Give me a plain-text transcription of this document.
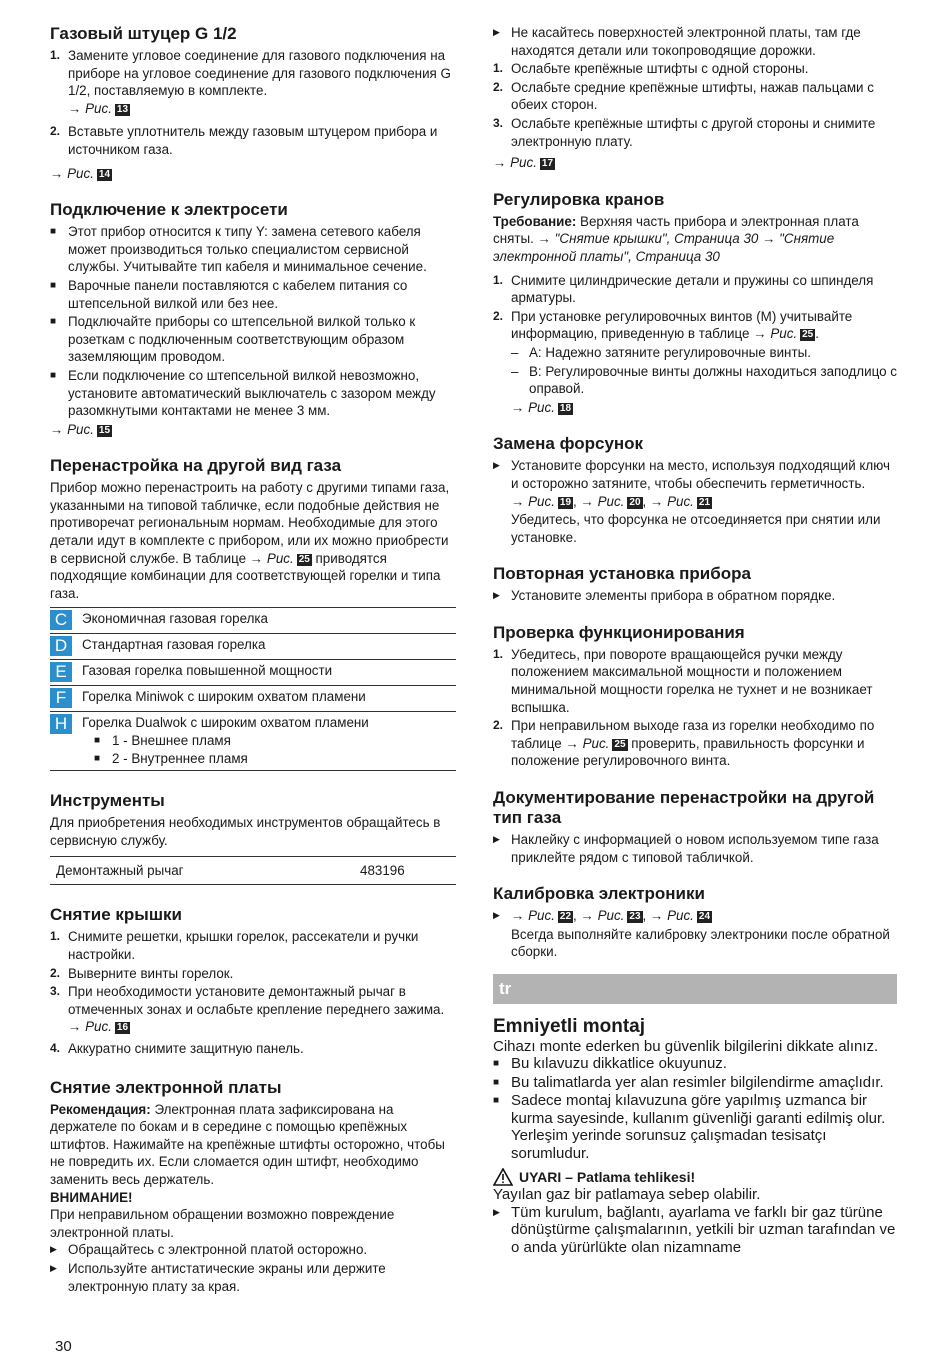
Газовый штуцер G 1/2
1. Замените угловое соединение для газового подключения на приборе на угловое соединение для газового подключения G 1/2, поставляемую в комплекте.
→ Рис. 13
2. Вставьте уплотнитель между газовым штуцером прибора и источником газа.
→ Рис. 14
Подключение к электросети
■ Этот прибор относится к типу Y: замена сетевого кабеля может производиться только специалистом сервисной службы. Учитывайте тип кабеля и минимальное сечение.
■ Варочные панели поставляются с кабелем питания со штепсельной вилкой или без нее.
■ Подключайте приборы со штепсельной вилкой только к розеткам с подключенным соответствующим образом заземляющим проводом.
■ Если подключение со штепсельной вилкой невозможно, установите автоматический выключатель с зазором между разомкнутыми контактами не менее 3 мм.
→ Рис. 15
Перенастройка на другой вид газа

Прибор можно перенастроить на работу с другими типами газа, указанными на типовой табличке, если подобные действия не противоречат региональным нормам. Необходимые для этого детали идут в комплекте с прибором, или их можно приобрести в сервисной службе. В таблице → Рис. 25 приводятся подходящие комбинации для соответствующей горелки и типа газа.

C	Экономичная газовая горелка
D	Стандартная газовая горелка
E	Газовая горелка повышенной мощности
F	Горелка Miniwok с широким охватом пламени
H	Горелка Dualwok с широким охватом пламени
■ 1 - Внешнее пламя
■ 2 - Внутреннее пламя
Инструменты

Для приобретения необходимых инструментов обращайтесь в сервисную службу.

Демонтажный рычаг	483196
Снятие крышки
1. Снимите решетки, крышки горелок, рассекатели и ручки настройки.
2. Выверните винты горелок.
3. При необходимости установите демонтажный рычаг в отмеченных зонах и ослабьте крепление переднего зажима.
→ Рис. 16
4. Аккуратно снимите защитную панель.
Снятие электронной платы

Рекомендация: Электронная плата зафиксирована на держателе по бокам и в середине с помощью крепёжных штифтов. Нажимайте на крепёжные штифты осторожно, чтобы не повредить их. Если сломается один штифт, необходимо заменить весь держатель.

ВНИМАНИЕ!

При неправильном обращении возможно повреждение электронной платы.

▶ Обращайтесь с электронной платой осторожно.
▶ Используйте антистатические экраны или держите электронную плату за края.
▶ Не касайтесь поверхностей электронной платы, там где находятся детали или токопроводящие дорожки.
1. Ослабьте крепёжные штифты с одной стороны.
2. Ослабьте средние крепёжные штифты, нажав пальцами с обеих сторон.
3. Ослабьте крепёжные штифты с другой стороны и снимите электронную плату.
→ Рис. 17
Регулировка кранов

Требование: Верхняя часть прибора и электронная плата сняты. → "Снятие крышки", Страница 30 → "Снятие электронной платы", Страница 30

1. Снимите цилиндрические детали и пружины со шпинделя арматуры.
2. При установке регулировочных винтов (M) учитывайте информацию, приведенную в таблице → Рис. 25 .
– A: Надежно затяните регулировочные винты.
– B: Регулировочные винты должны находиться заподлицо с оправой.
→ Рис. 18
Замена форсунок
▶ Установите форсунки на место, используя подходящий ключ и осторожно затяните, чтобы обеспечить герметичность.
→ Рис. 19 , → Рис. 20 , → Рис. 21

Убедитесь, что форсунка не отсоединяется при снятии или установке.

Повторная установка прибора
▶ Установите элементы прибора в обратном порядке.
Проверка функционирования
1. Убедитесь, при повороте вращающейся ручки между положением максимальной мощности и положением минимальной мощности горелка не тухнет и не возникает вспышка.
2. При неправильном выходе газа из горелки необходимо по таблице → Рис. 25 проверить, правильность форсунки и положение регулировочного винта.
Документирование перенастройки на другой тип газа
▶ Наклейку с информацией о новом используемом типе газа приклейте рядом с типовой табличкой.
Калибровка электроники
▶ → Рис. 22 , → Рис. 23 , → Рис. 24

Всегда выполняйте калибровку электроники после обратной сборки.

tr
Emniyetli montaj

Cihazı monte ederken bu güvenlik bilgilerini dikkate alınız.

■ Bu kılavuzu dikkatlice okuyunuz.
■ Bu talimatlarda yer alan resimler bilgilendirme amaçlıdır.
■ Sadece montaj kılavuzuna göre yapılmış uzmanca bir kurma sayesinde, kullanım güvenliği garanti edilmiş olur. Yerleşim yerinde sorunsuz çalışmadan tesisatçı sorumludur.
UYARI – Patlama tehlikesi!

Yayılan gaz bir patlamaya sebep olabilir.

▶ Tüm kurulum, bağlantı, ayarlama ve farklı bir gaz türüne dönüştürme çalışmalarının, yetkili bir uzman tarafından ve o anda yürürlükte olan nizamname
30
